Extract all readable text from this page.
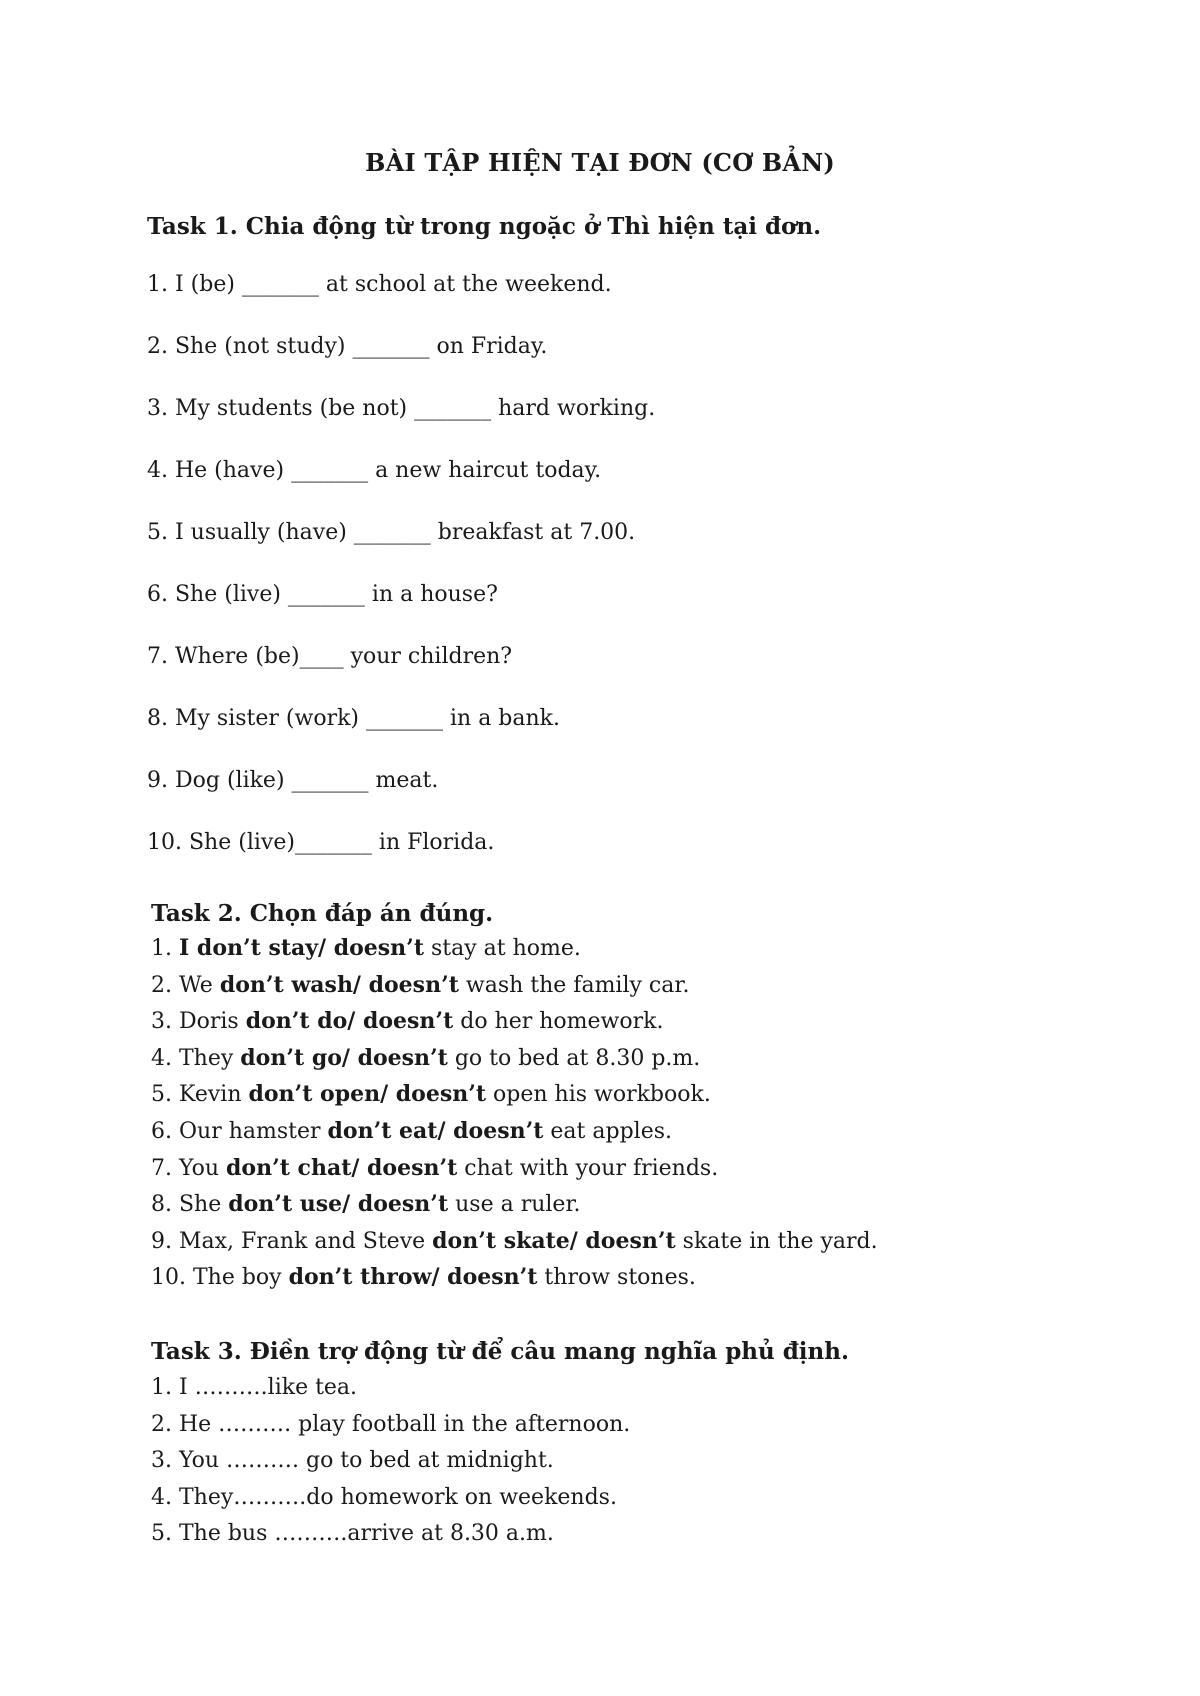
BÀI TẬP HIỆN TẠI ĐƠN (CƠ BẢN)
Task 1. Chia động từ trong ngoặc ở Thì hiện tại đơn.
1. I (be) _______ at school at the weekend.
2. She (not study) _______ on Friday.
3. My students (be not) _______ hard working.
4. He (have) _______ a new haircut today.
5. I usually (have) _______ breakfast at 7.00.
6. She (live) _______ in a house?
7. Where (be)____ your children?
8. My sister (work) _______ in a bank.
9. Dog (like) _______ meat.
10. She (live)_______ in Florida.
Task 2. Chọn đáp án đúng.
1. I don’t stay/ doesn’t stay at home.
2. We don’t wash/ doesn’t wash the family car.
3. Doris don’t do/ doesn’t do her homework.
4. They don’t go/ doesn’t go to bed at 8.30 p.m.
5. Kevin don’t open/ doesn’t open his workbook.
6. Our hamster don’t eat/ doesn’t eat apples.
7. You don’t chat/ doesn’t chat with your friends.
8. She don’t use/ doesn’t use a ruler.
9. Max, Frank and Steve don’t skate/ doesn’t skate in the yard.
10. The boy don’t throw/ doesn’t throw stones.
Task 3. Điền trợ động từ để câu mang nghĩa phủ định.
1. I ……….like tea.
2. He ………. play football in the afternoon.
3. You ………. go to bed at midnight.
4. They……….do homework on weekends.
5. The bus ……….arrive at 8.30 a.m.
